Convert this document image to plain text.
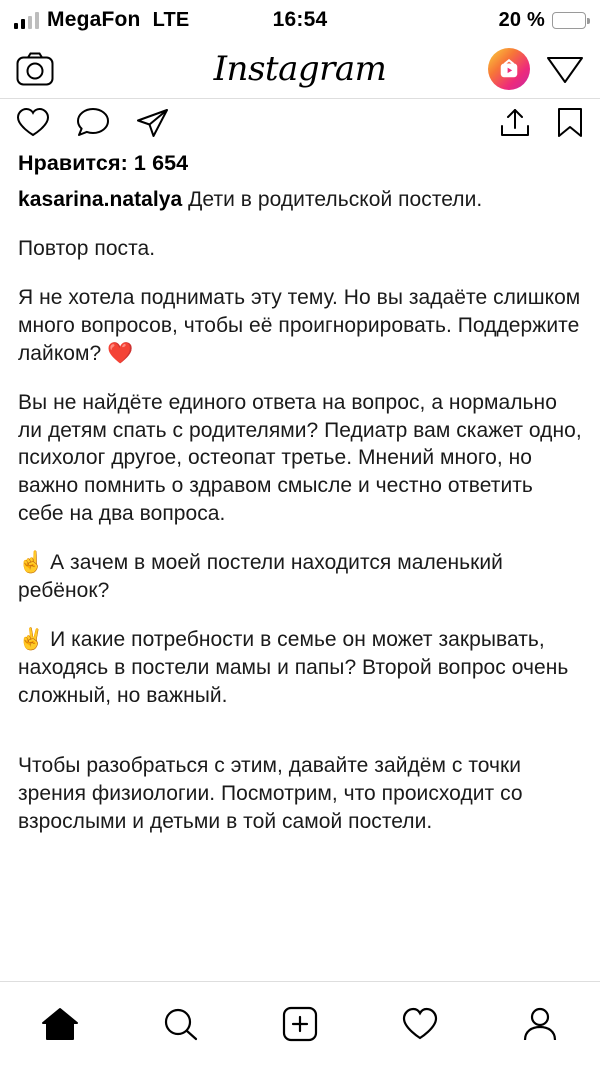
MegaFon LTE	16:54	20 %
Instagram
Нравится: 1 654

kasarina.natalya Дети в родительской постели.

Повтор поста.

Я не хотела поднимать эту тему. Но вы задаёте слишком много вопросов, чтобы её проигнорировать. Поддержите лайком? ❤️

Вы не найдёте единого ответа на вопрос, а нормально ли детям спать с родителями? Педиатр вам скажет одно, психолог другое, остеопат третье. Мнений много, но важно помнить о здравом смысле и честно ответить себе на два вопроса.

☝️ А зачем в моей постели находится маленький ребёнок?

✌️ И какие потребности в семье он может закрывать, находясь в постели мамы и папы? Второй вопрос очень сложный, но важный.

Чтобы разобраться с этим, давайте зайдём с точки зрения физиологии. Посмотрим, что происходит со взрослыми и детьми в той самой постели.
